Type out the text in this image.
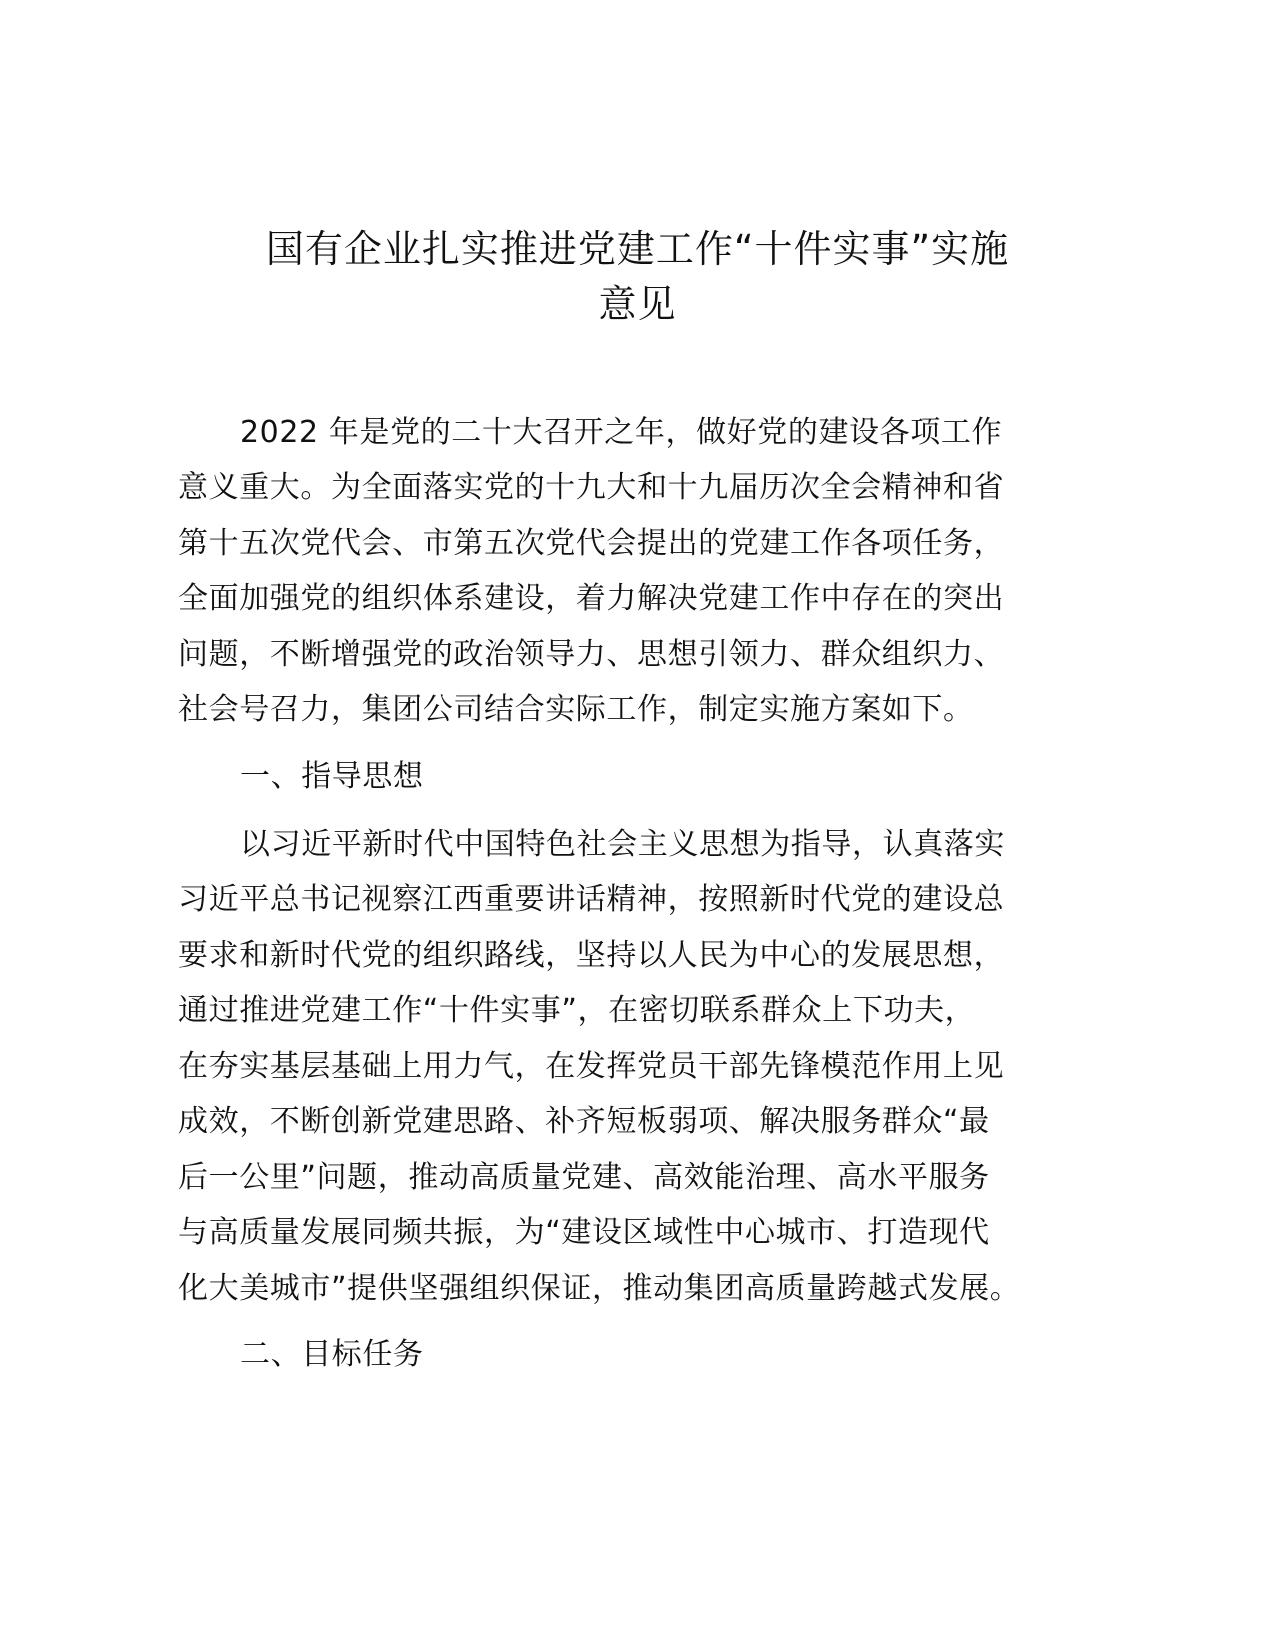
国有企业扎实推进党建工作“十件实事”实施
意见
2022 年是党的二十大召开之年，做好党的建设各项工作
意义重大。为全面落实党的十九大和十九届历次全会精神和省
第十五次党代会、市第五次党代会提出的党建工作各项任务，
全面加强党的组织体系建设，着力解决党建工作中存在的突出
问题，不断增强党的政治领导力、思想引领力、群众组织力、
社会号召力，集团公司结合实际工作，制定实施方案如下。
一、指导思想
以习近平新时代中国特色社会主义思想为指导，认真落实
习近平总书记视察江西重要讲话精神，按照新时代党的建设总
要求和新时代党的组织路线，坚持以人民为中心的发展思想，
通过推进党建工作“十件实事”，在密切联系群众上下功夫，
在夯实基层基础上用力气，在发挥党员干部先锋模范作用上见
成效，不断创新党建思路、补齐短板弱项、解决服务群众“最
后一公里”问题，推动高质量党建、高效能治理、高水平服务
与高质量发展同频共振，为“建设区域性中心城市、打造现代
化大美城市”提供坚强组织保证，推动集团高质量跨越式发展。
二、目标任务
